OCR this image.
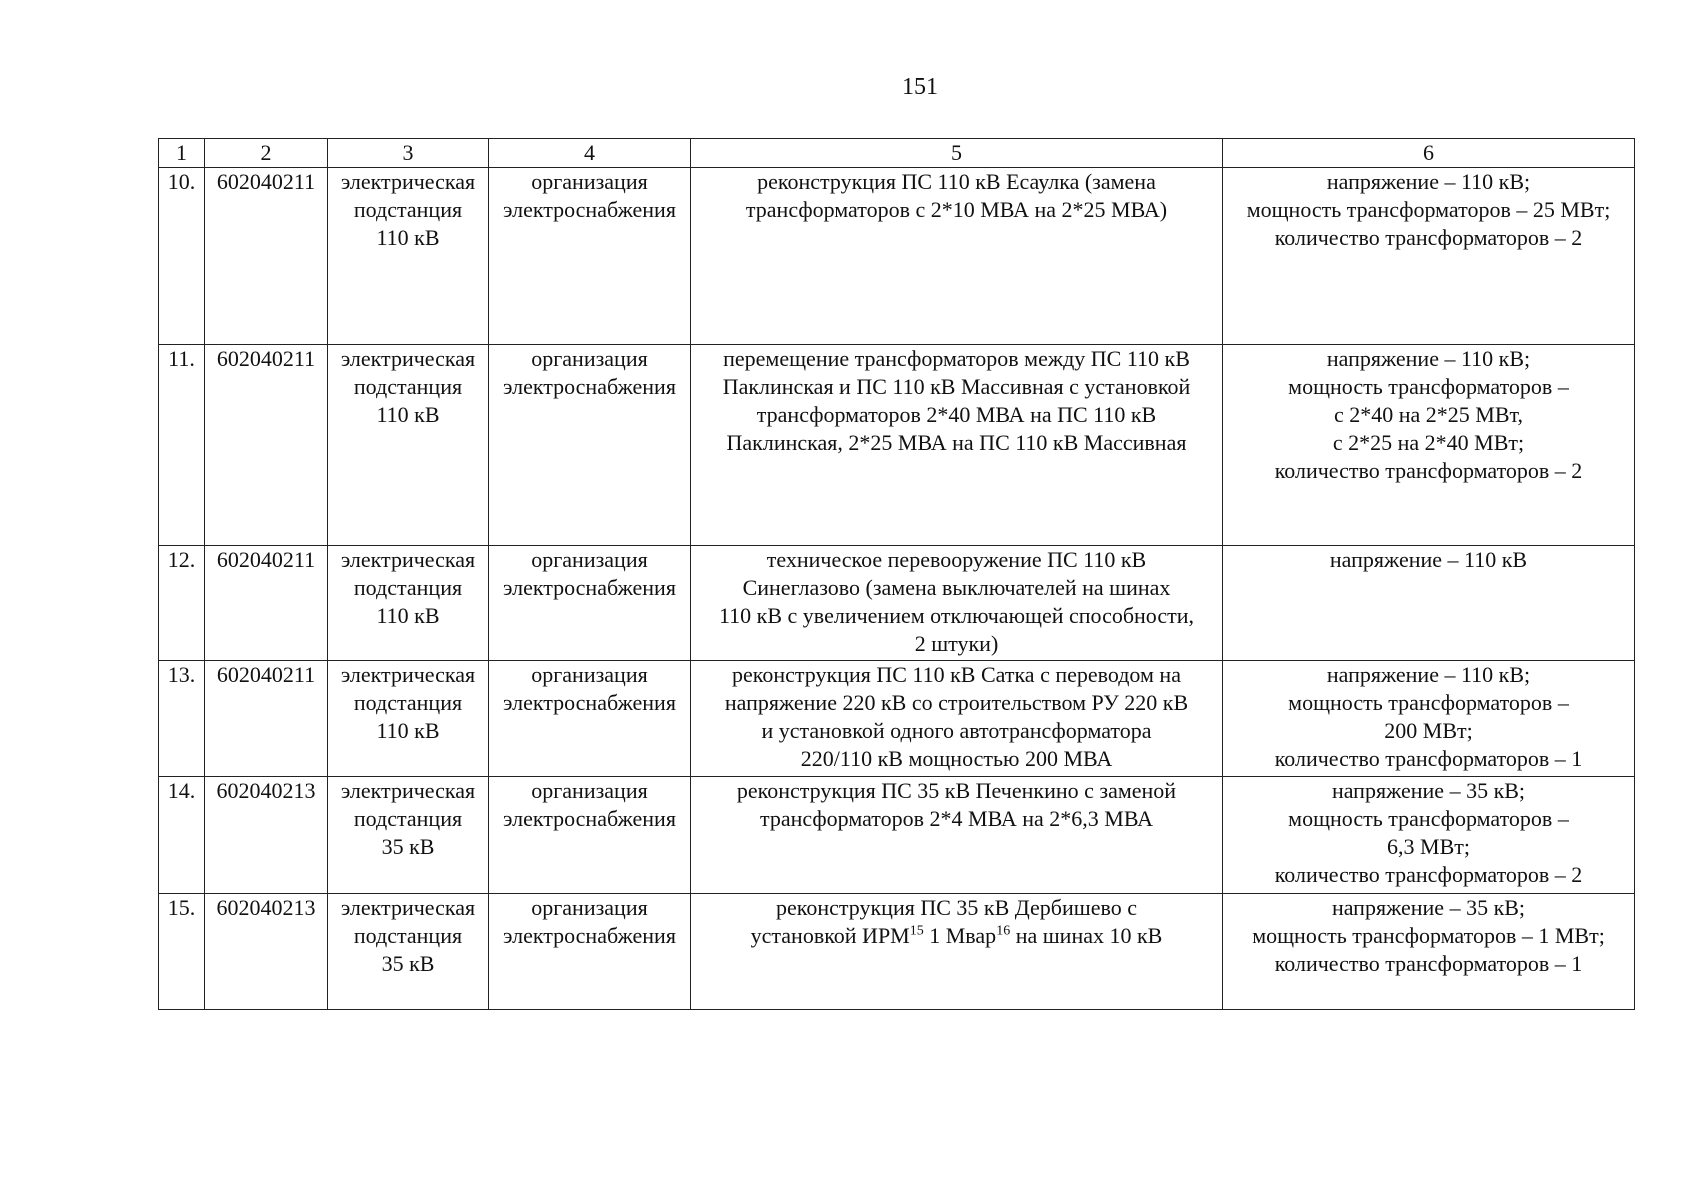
151
1	2	3	4	5	6
10.	602040211	электрическая
подстанция
110 кВ	организация
электроснабжения	реконструкция ПС 110 кВ Есаулка (замена
трансформаторов с 2*10 МВА на 2*25 МВА)	напряжение – 110 кВ;
мощность трансформаторов – 25 МВт;
количество трансформаторов – 2

11.	602040211	электрическая
подстанция
110 кВ	организация
электроснабжения	перемещение трансформаторов между ПС 110 кВ
Паклинская и ПС 110 кВ Массивная с установкой
трансформаторов 2*40 МВА на ПС 110 кВ
Паклинская, 2*25 МВА на ПС 110 кВ Массивная	напряжение – 110 кВ;
мощность трансформаторов –
с 2*40 на 2*25 МВт,
с 2*25 на 2*40 МВт;
количество трансформаторов – 2

12.	602040211	электрическая
подстанция
110 кВ	организация
электроснабжения	техническое перевооружение ПС 110 кВ
Синеглазово (замена выключателей на шинах
110 кВ с увеличением отключающей способности,
2 штуки)	напряжение – 110 кВ

13.	602040211	электрическая
подстанция
110 кВ	организация
электроснабжения	реконструкция ПС 110 кВ Сатка с переводом на
напряжение 220 кВ со строительством РУ 220 кВ
и установкой одного автотрансформатора
220/110 кВ мощностью 200 МВА	напряжение – 110 кВ;
мощность трансформаторов –
200 МВт;
количество трансформаторов – 1

14.	602040213	электрическая
подстанция
35 кВ	организация
электроснабжения	реконструкция ПС 35 кВ Печенкино с заменой
трансформаторов 2*4 МВА на 2*6,3 МВА	напряжение – 35 кВ;
мощность трансформаторов –
6,3 МВт;
количество трансформаторов – 2

15.	602040213	электрическая
подстанция
35 кВ	организация
электроснабжения	реконструкция ПС 35 кВ Дербишево с
установкой ИРМ$^{15}$ 1 Мвар$^{16}$ на шинах 10 кВ	напряжение – 35 кВ;
мощность трансформаторов – 1 МВт;
количество трансформаторов – 1
